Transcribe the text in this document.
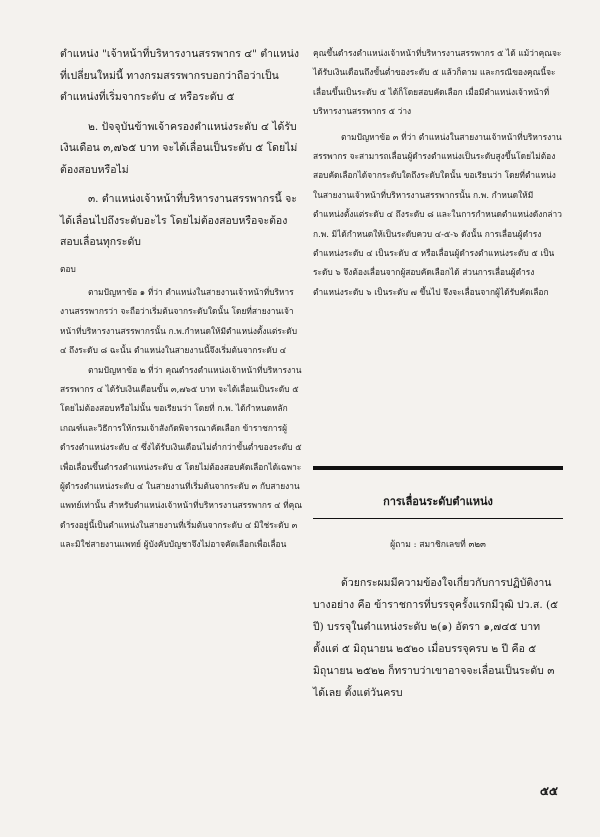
ตำแหน่ง "เจ้าหน้าที่บริหารงานสรรพากร ๔" ตำแหน่งที่เปลี่ยนใหม่นี้ ทางกรมสรรพากรบอกว่าถือว่าเป็นตำแหน่งที่เริ่มจากระดับ ๔ หรือระดับ ๕

๒. ปัจจุบันข้าพเจ้าครองตำแหน่งระดับ ๔ ได้รับเงินเดือน ๓,๗๖๕ บาท จะได้เลื่อนเป็นระดับ ๕ โดยไม่ต้องสอบหรือไม่

๓. ตำแหน่งเจ้าหน้าที่บริหารงานสรรพากรนี้ จะได้เลื่อนไปถึงระดับอะไร โดยไม่ต้องสอบหรือจะต้องสอบเลื่อนทุกระดับ

ตอบ

ตามปัญหาข้อ ๑ ที่ว่า ตำแหน่งในสายงานเจ้าหน้าที่บริหารงานสรรพากรว่า จะถือว่าเริ่มต้นจากระดับใดนั้น โดยที่สายงานเจ้าหน้าที่บริหารงานสรรพากรนั้น ก.พ.กำหนดให้มีตำแหน่งตั้งแต่ระดับ ๔ ถึงระดับ ๘ ฉะนั้น ตำแหน่งในสายงานนี้จึงเริ่มต้นจากระดับ ๔

ตามปัญหาข้อ ๒ ที่ว่า คุณดำรงตำแหน่งเจ้าหน้าที่บริหารงานสรรพากร ๔ ได้รับเงินเดือนขั้น ๓,๗๖๕ บาท จะได้เลื่อนเป็นระดับ ๕ โดยไม่ต้องสอบหรือไม่นั้น ขอเรียนว่า โดยที่ ก.พ. ได้กำหนดหลักเกณฑ์และวิธีการให้กรมเจ้าสังกัดพิจารณาคัดเลือก ข้าราชการผู้ดำรงตำแหน่งระดับ ๔ ซึ่งได้รับเงินเดือนไม่ต่ำกว่าขั้นต่ำของระดับ ๕ เพื่อเลื่อนขึ้นดำรงตำแหน่งระดับ ๕ โดยไม่ต้องสอบคัดเลือกได้เฉพาะผู้ดำรงตำแหน่งระดับ ๔ ในสายงานที่เริ่มต้นจากระดับ ๓ กับสายงานแพทย์เท่านั้น สำหรับตำแหน่งเจ้าหน้าที่บริหารงานสรรพากร ๔ ที่คุณดำรงอยู่นี้เป็นตำแหน่งในสายงานที่เริ่มต้นจากระดับ ๔ มิใช่ระดับ ๓ และมิใช่สายงานแพทย์ ผู้บังคับบัญชาจึงไม่อาจคัดเลือกเพื่อเลื่อน

คุณขึ้นดำรงตำแหน่งเจ้าหน้าที่บริหารงานสรรพากร ๕ ได้ แม้ว่าคุณจะได้รับเงินเดือนถึงขั้นต่ำของระดับ ๕ แล้วก็ตาม และกรณีของคุณนี้จะเลื่อนขึ้นเป็นระดับ ๕ ได้ก็โดยสอบคัดเลือก เมื่อมีตำแหน่งเจ้าหน้าที่บริหารงานสรรพากร ๕ ว่าง

ตามปัญหาข้อ ๓ ที่ว่า ตำแหน่งในสายงานเจ้าหน้าที่บริหารงานสรรพากร จะสามารถเลื่อนผู้ดำรงตำแหน่งเป็นระดับสูงขึ้นโดยไม่ต้องสอบคัดเลือกได้จากระดับใดถึงระดับใดนั้น ขอเรียนว่า โดยที่ตำแหน่งในสายงานเจ้าหน้าที่บริหารงานสรรพากรนั้น ก.พ. กำหนดให้มีตำแหน่งตั้งแต่ระดับ ๔ ถึงระดับ ๘ และในการกำหนดตำแหน่งดังกล่าว ก.พ. มิได้กำหนดให้เป็นระดับควบ ๔-๕-๖ ดังนั้น การเลื่อนผู้ดำรงตำแหน่งระดับ ๔ เป็นระดับ ๕ หรือเลื่อนผู้ดำรงตำแหน่งระดับ ๕ เป็นระดับ ๖ จึงต้องเลื่อนจากผู้สอบคัดเลือกได้ ส่วนการเลื่อนผู้ดำรงตำแหน่งระดับ ๖ เป็นระดับ ๗ ขึ้นไป จึงจะเลื่อนจากผู้ได้รับคัดเลือก

การเลื่อนระดับตำแหน่ง

ผู้ถาม : สมาชิกเลขที่ ๓๒๓

ด้วยกระผมมีความข้องใจเกี่ยวกับการปฏิบัติงานบางอย่าง คือ ข้าราชการที่บรรจุครั้งแรกมีวุฒิ ปว.ส. (๕ ปี) บรรจุในตำแหน่งระดับ ๒(๑) อัตรา ๑,๗๔๕ บาท ตั้งแต่ ๕ มิถุนายน ๒๕๒๐ เมื่อบรรจุครบ ๒ ปี คือ ๕ มิถุนายน ๒๕๒๒ ก็ทราบว่าเขาอาจจะเลื่อนเป็นระดับ ๓ ได้เลย ตั้งแต่วันครบ

๕๕
